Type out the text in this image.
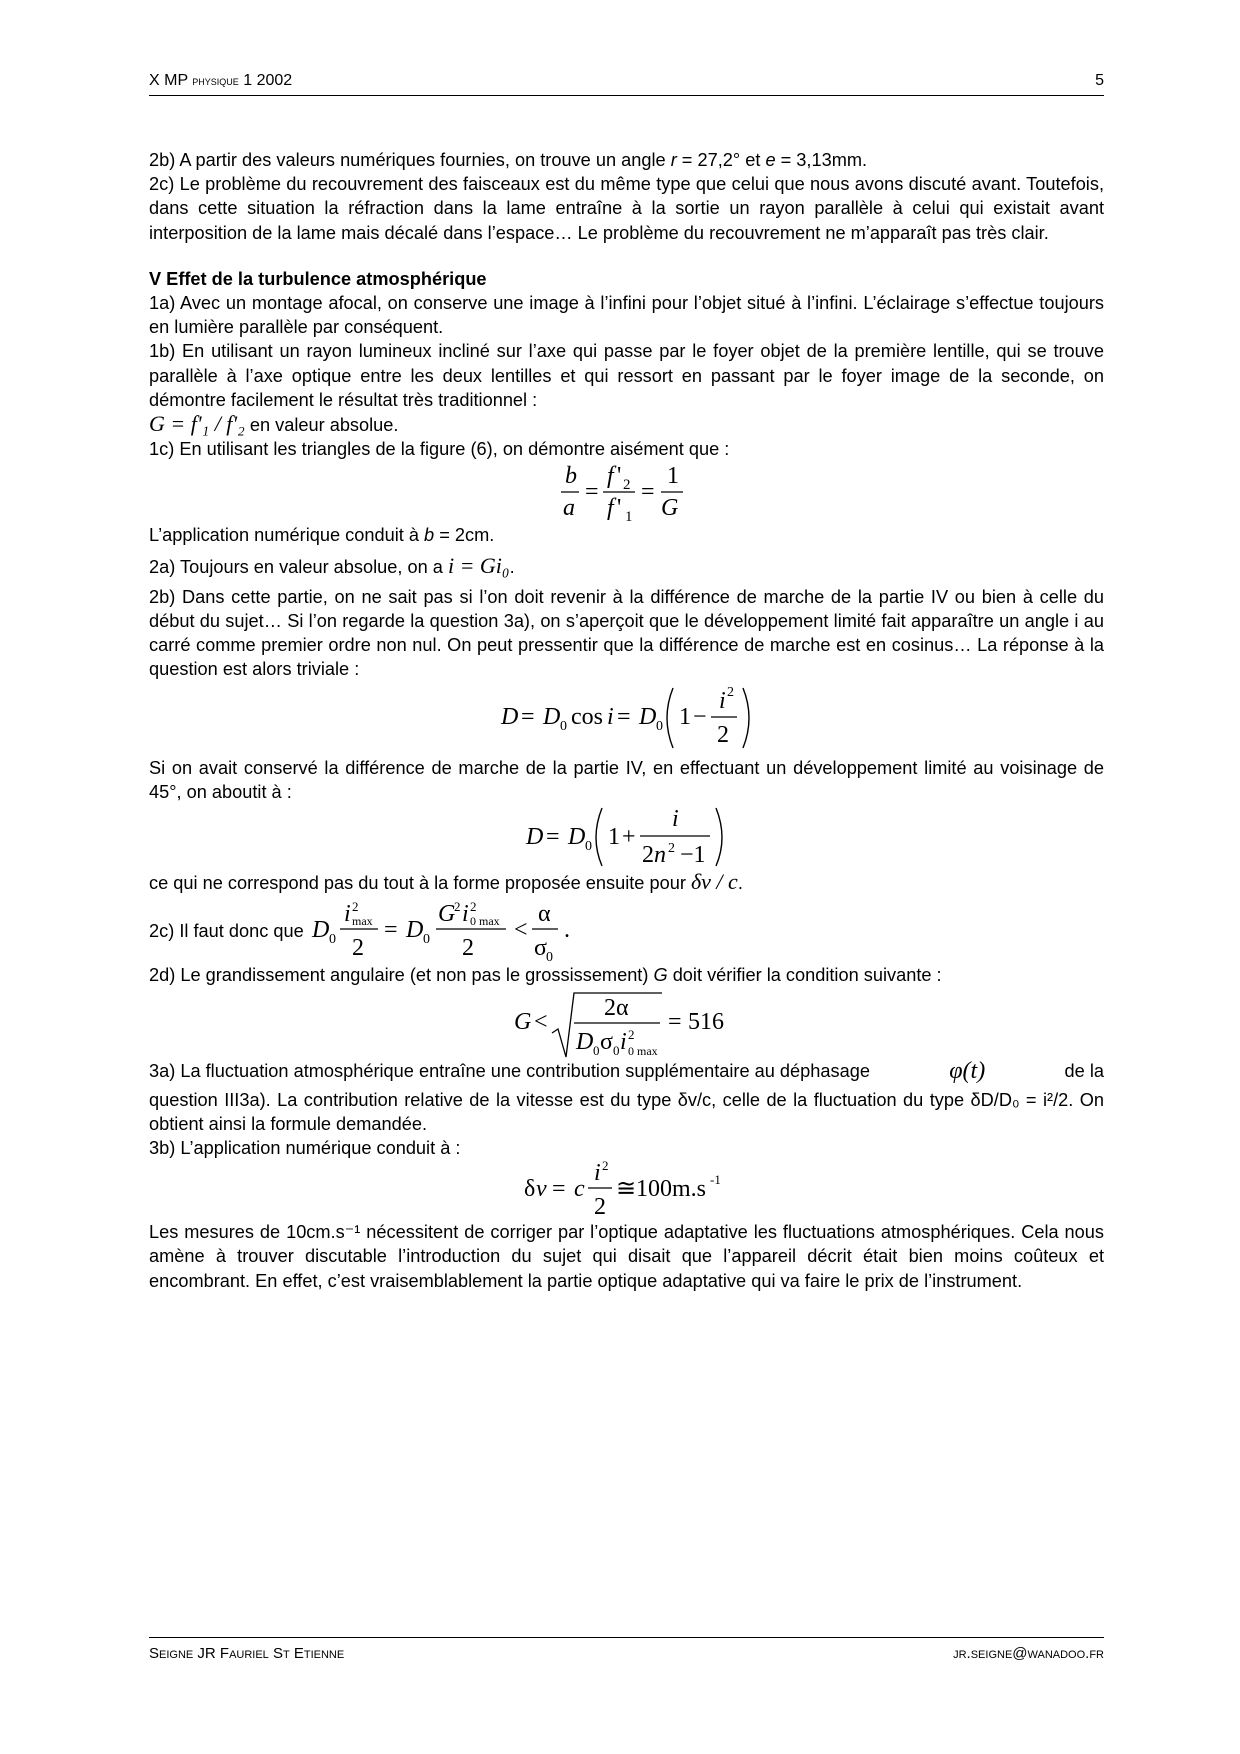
X MP physique 1 2002	5

2b) A partir des valeurs numériques fournies, on trouve un angle r = 27,2° et e = 3,13mm.

2c) Le problème du recouvrement des faisceaux est du même type que celui que nous avons discuté avant. Toutefois, dans cette situation la réfraction dans la lame entraîne à la sortie un rayon parallèle à celui qui existait avant interposition de la lame mais décalé dans l’espace… Le problème du recouvrement ne m’apparaît pas très clair.

V Effet de la turbulence atmosphérique

1a) Avec un montage afocal, on conserve une image à l’infini pour l’objet situé à l’infini. L’éclairage s’effectue toujours en lumière parallèle par conséquent.

1b) En utilisant un rayon lumineux incliné sur l’axe qui passe par le foyer objet de la première lentille, qui se trouve parallèle à l’axe optique entre les deux lentilles et qui ressort en passant par le foyer image de la seconde, on démontre facilement le résultat très traditionnel :

G = f'₁ / f'₂ en valeur absolue.

1c) En utilisant les triangles de la figure (6), on démontre aisément que :

b
a
=
f ' 2
f ' 1
=
1
G

L’application numérique conduit à b = 2cm.

2a) Toujours en valeur absolue, on a i = Gi₀.

2b) Dans cette partie, on ne sait pas si l’on doit revenir à la différence de marche de la partie IV ou bien à celle du début du sujet… Si l’on regarde la question 3a), on s’aperçoit que le développement limité fait apparaître un angle i au carré comme premier ordre non nul. On peut pressentir que la différence de marche est en cosinus… La réponse à la question est alors triviale :

D = D 0 cos i = D 0 1 −
i 2
2

Si on avait conservé la différence de marche de la partie IV, en effectuant un développement limité au voisinage de 45°, on aboutit à :

D = D 0 1 +
i
2 n 2 −1

ce qui ne correspond pas du tout à la forme proposée ensuite pour δv / c.

2c) Il faut donc que D 0
i 2
max
2
= D 0
G
2 i 2
0 max
2
<
α
σ 0
.

2d) Le grandissement angulaire (et non pas le grossissement) G doit vérifier la condition suivante :

G <
2α
D 0 σ 0 i 2
0 max
= 516
3a) La fluctuation atmosphérique entraîne une contribution supplémentaire au déphasage	φ(t)	de la

question III3a). La contribution relative de la vitesse est du type δv/c, celle de la fluctuation du type δD/D₀ = i²/2. On obtient ainsi la formule demandée.

3b) L’application numérique conduit à :

δ v = c
i 2
2
≅ 100m.s -1

Les mesures de 10cm.s⁻¹ nécessitent de corriger par l’optique adaptative les fluctuations atmosphériques. Cela nous amène à trouver discutable l’introduction du sujet qui disait que l’appareil décrit était bien moins coûteux et encombrant. En effet, c’est vraisemblablement la partie optique adaptative qui va faire le prix de l’instrument.

Seigne JR Fauriel St Etienne	jr.seigne@wanadoo.fr
